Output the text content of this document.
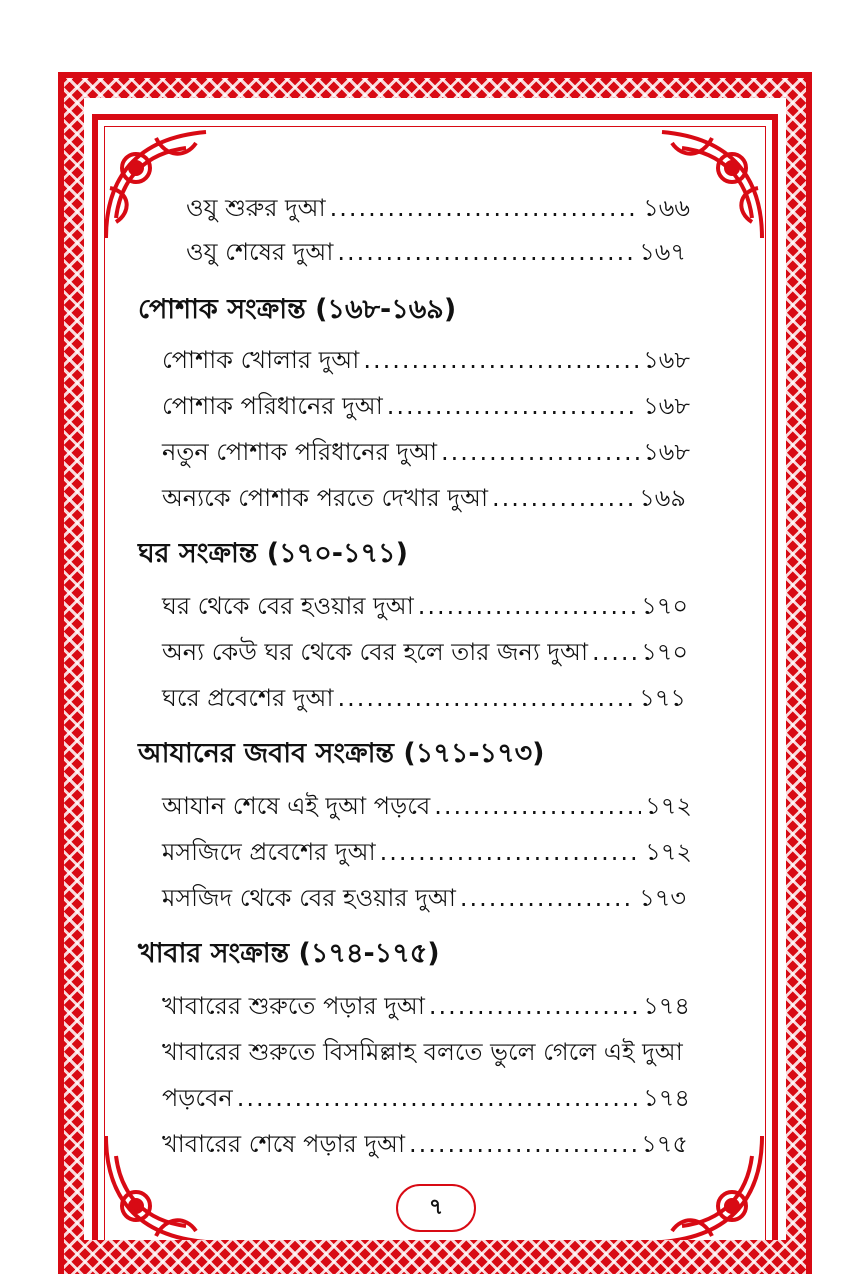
ওযু শুরুর দুআ .....	১৬৬
ওযু শেষের দুআ .....	১৬৭
পোশাক সংক্রান্ত (১৬৮-১৬৯)
পোশাক খোলার দুআ .....	১৬৮
পোশাক পরিধানের দুআ .....	১৬৮
নতুন পোশাক পরিধানের দুআ .....	১৬৮
অন্যকে পোশাক পরতে দেখার দুআ .....	১৬৯
ঘর সংক্রান্ত (১৭০-১৭১)
ঘর থেকে বের হওয়ার দুআ .....	১৭০
অন্য কেউ ঘর থেকে বের হলে তার জন্য দুআ ..... ১৭০
ঘরে প্রবেশের দুআ .....	১৭১
আযানের জবাব সংক্রান্ত (১৭১-১৭৩)
আযান শেষে এই দুআ পড়বে .....	১৭২
মসজিদে প্রবেশের দুআ .....	১৭২
মসজিদ থেকে বের হওয়ার দুআ .....	১৭৩
খাবার সংক্রান্ত (১৭৪-১৭৫)
খাবারের শুরুতে পড়ার দুআ .....	১৭৪
খাবারের শুরুতে বিসমিল্লাহ বলতে ভুলে গেলে এই দুআ
পড়বেন .....	১৭৪
খাবারের শেষে পড়ার দুআ .....	১৭৫
৭
